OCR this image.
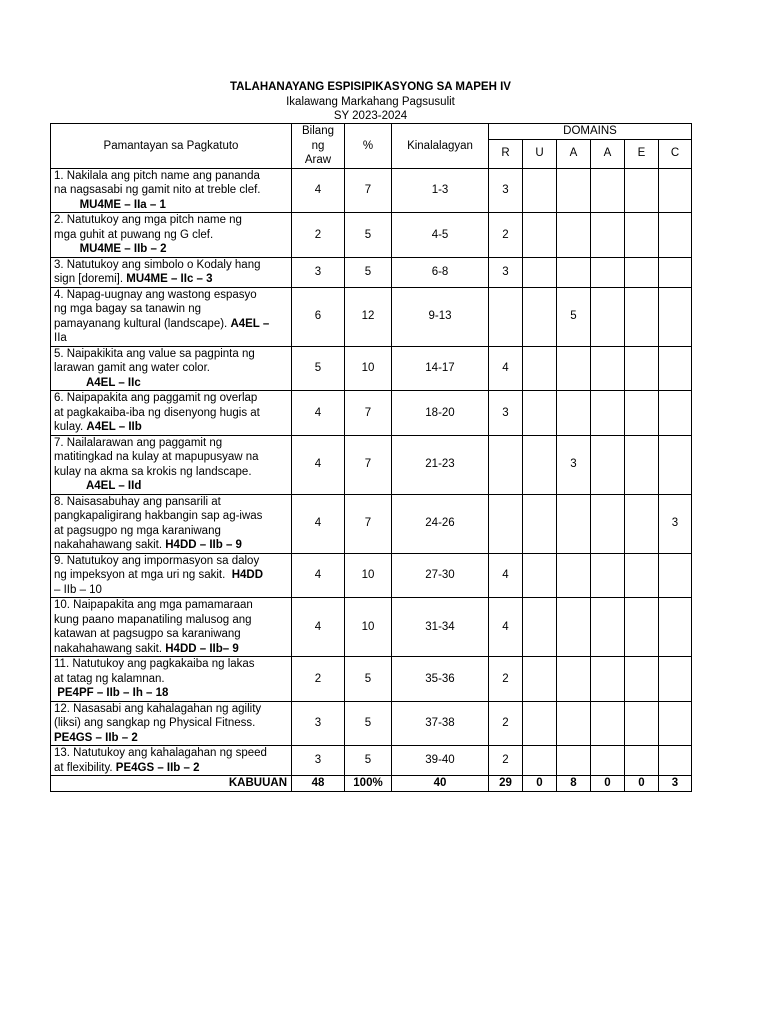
TALAHANAYANG ESPISIPIKASYONG SA MAPEH IV
Ikalawang Markahang Pagsusulit
SY 2023-2024
Pamantayan sa Pagkatuto	Bilang
ng
Araw	%	Kinalalagyan	DOMAINS					
				R	U	A	A	E	C

1. Nakilala ang pitch name ang pananda
na nagsasabi ng gamit nito at treble clef.
MU4ME – IIa – 1	4	7	1-3	3					

2. Natutukoy ang mga pitch name ng
mga guhit at puwang ng G clef.
MU4ME – IIb – 2	2	5	4-5	2					

3. Natutukoy ang simbolo o Kodaly hang
sign [doremi]. MU4ME – IIc – 3	3	5	6-8	3					

4. Napag-uugnay ang wastong espasyo
ng mga bagay sa tanawin ng
pamayanang kultural (landscape). A4EL –
IIa	6	12	9-13			5			

5. Naipakikita ang value sa pagpinta ng
larawan gamit ang water color.
A4EL – IIc	5	10	14-17	4					

6. Naipapakita ang paggamit ng overlap
at pagkakaiba-iba ng disenyong hugis at
kulay. A4EL – IIb	4	7	18-20	3					

7. Nailalarawan ang paggamit ng
matitingkad na kulay at mapupusyaw na
kulay na akma sa krokis ng landscape.
A4EL – IId	4	7	21-23			3			

8. Naisasabuhay ang pansarili at
pangkapaligirang hakbangin sap ag-iwas
at pagsugpo ng mga karaniwang
nakahahawang sakit. H4DD – IIb – 9	4	7	24-26						3

9. Natutukoy ang impormasyon sa daloy
ng impeksyon at mga uri ng sakit.  H4DD
– IIb – 10	4	10	27-30	4					

10. Naipapakita ang mga pamamaraan
kung paano mapanatiling malusog ang
katawan at pagsugpo sa karaniwang
nakahahawang sakit. H4DD – IIb– 9	4	10	31-34	4					

11. Natutukoy ang pagkakaiba ng lakas
at tatag ng kalamnan.
PE4PF – IIb – Ih – 18	2	5	35-36	2					

12. Nasasabi ang kahalagahan ng agility
(liksi) ang sangkap ng Physical Fitness.
PE4GS – IIb – 2	3	5	37-38	2					

13. Natutukoy ang kahalagahan ng speed
at flexibility. PE4GS – IIb – 2	3	5	39-40	2					
KABUUAN	48	100%	40	29	0	8	0	0	3
